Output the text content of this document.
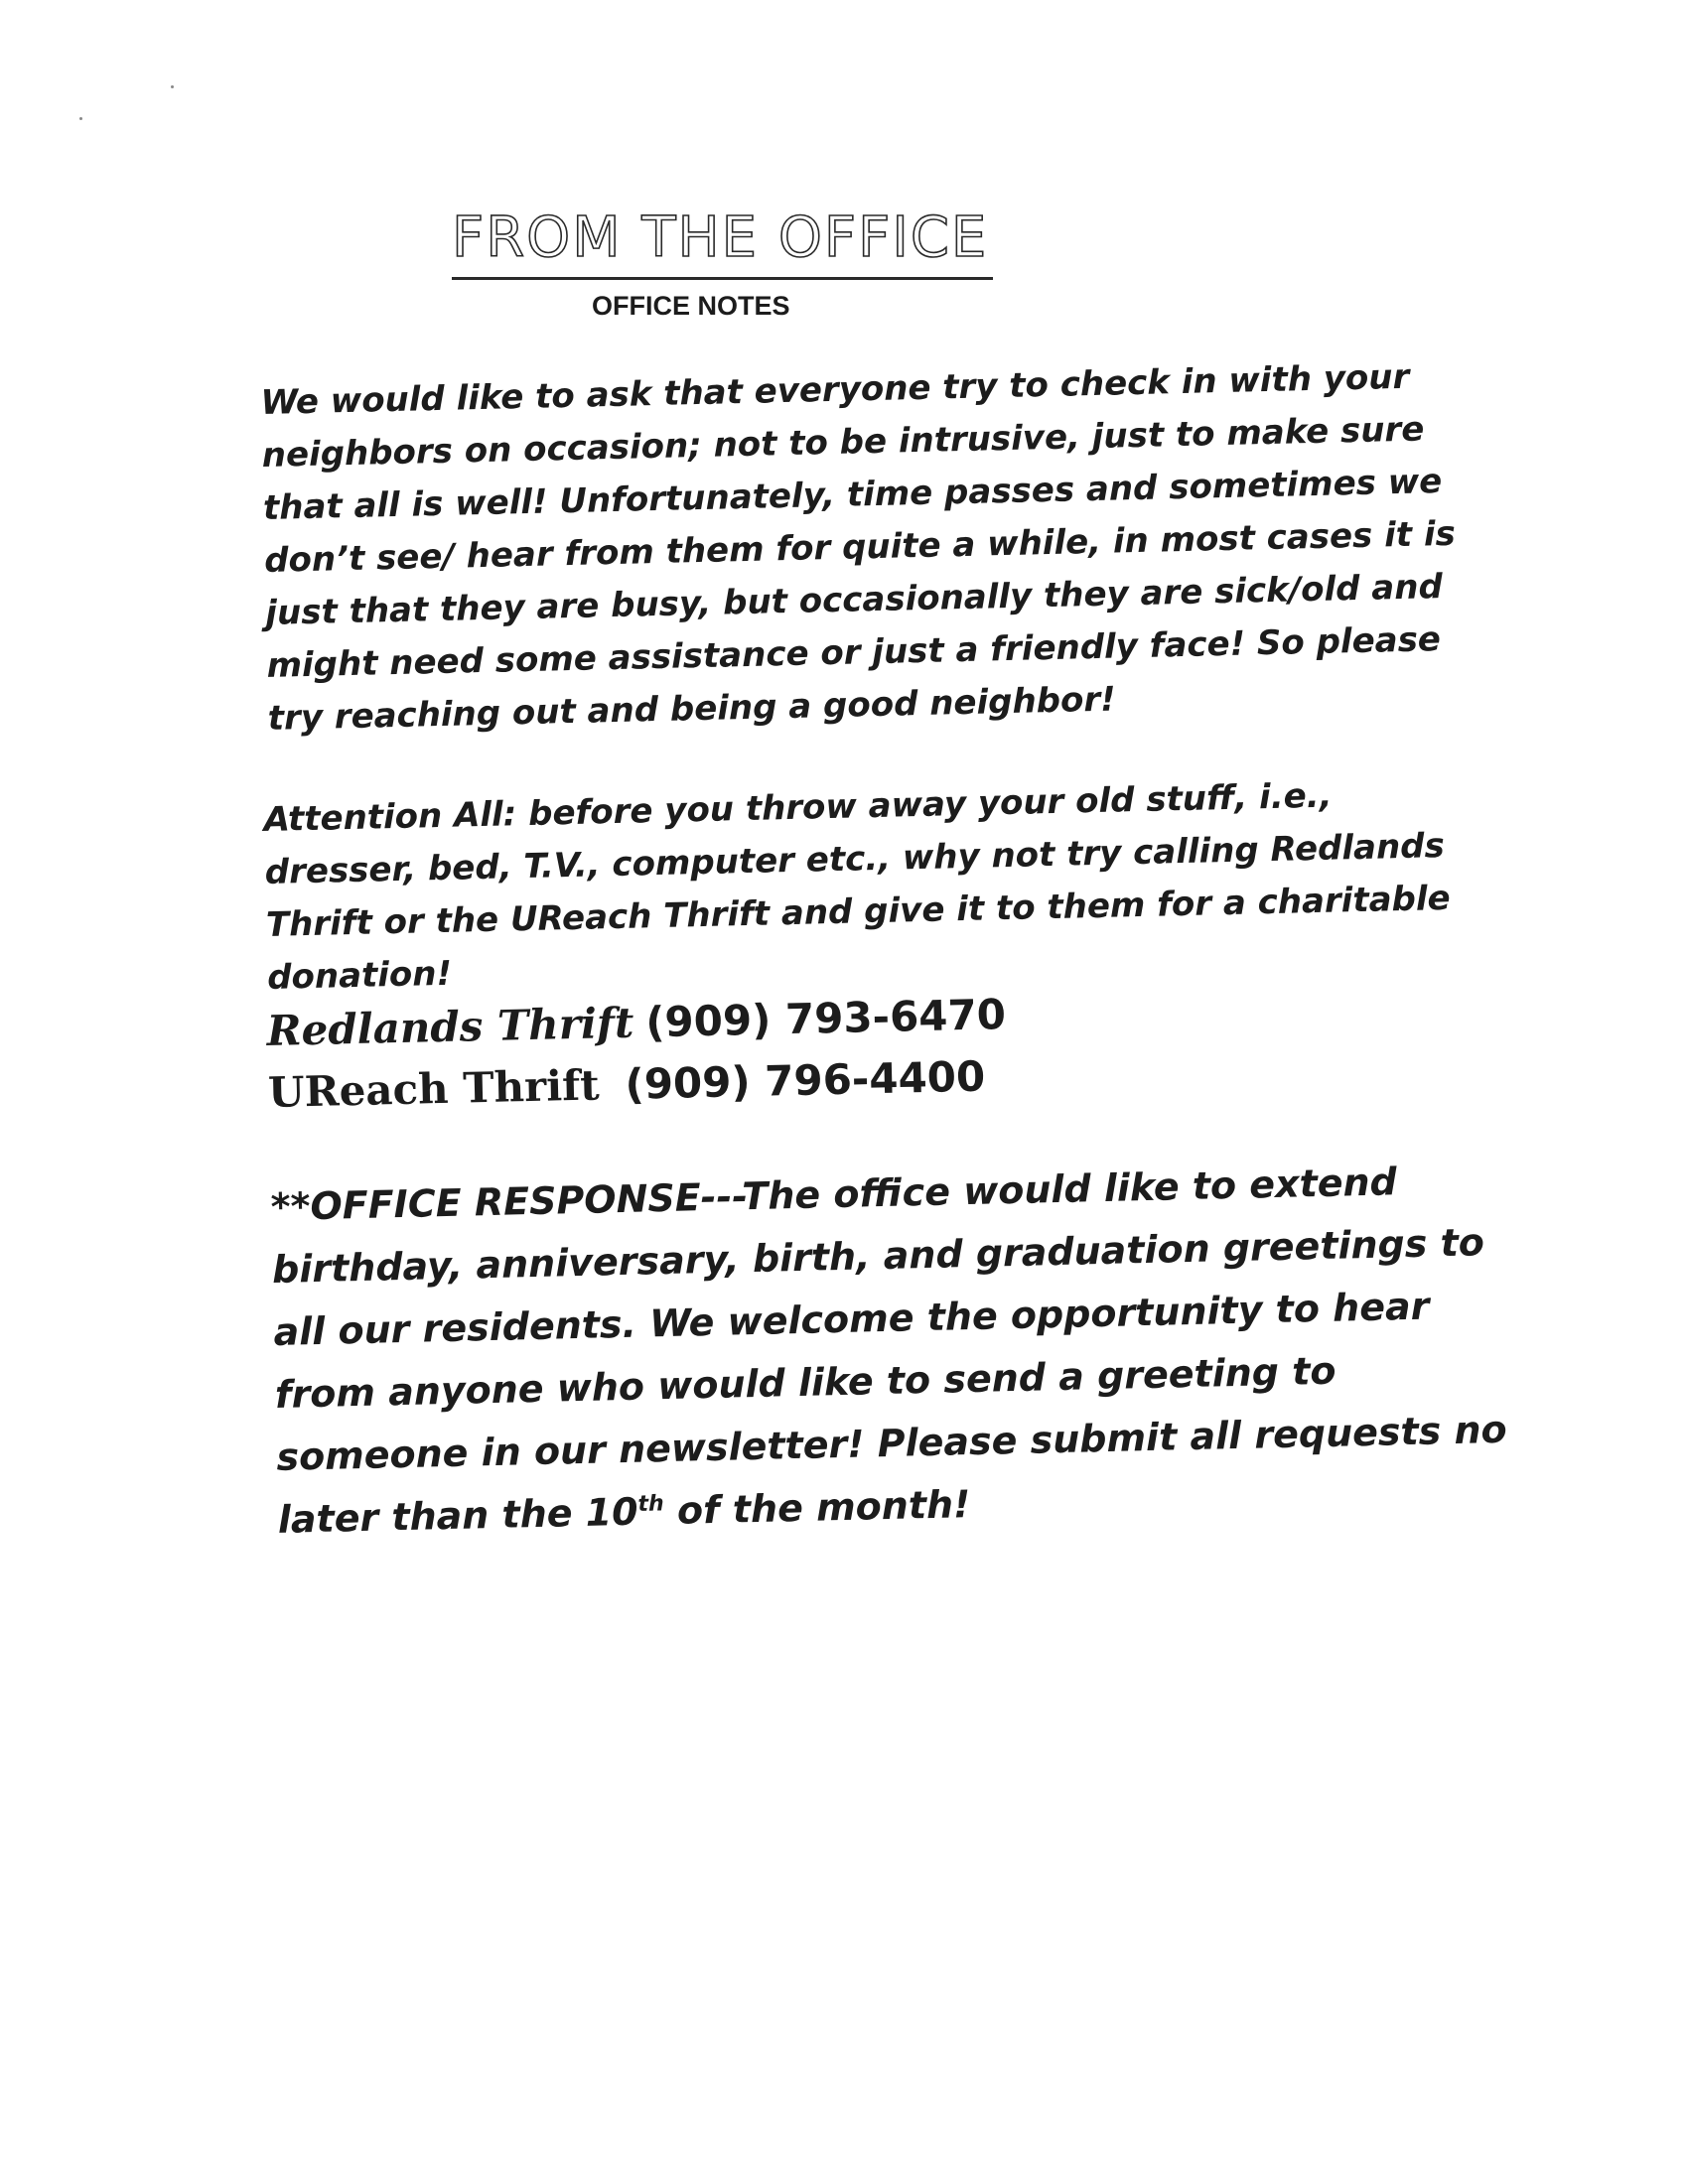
FROM THE OFFICE
OFFICE NOTES

We would like to ask that everyone try to check in with your neighbors on occasion; not to be intrusive, just to make sure that all is well! Unfortunately, time passes and sometimes we don’t see/ hear from them for quite a while, in most cases it is just that they are busy, but occasionally they are sick/old and might need some assistance or just a friendly face! So please try reaching out and being a good neighbor!

Attention All: before you throw away your old stuff, i.e., dresser, bed, T.V., computer etc., why not try calling Redlands Thrift or the UReach Thrift and give it to them for a charitable donation!

Redlands Thrift (909) 793-6470
UReach Thrift (909) 796-4400

**OFFICE RESPONSE---The office would like to extend birthday, anniversary, birth, and graduation greetings to all our residents. We welcome the opportunity to hear from anyone who would like to send a greeting to someone in our newsletter! Please submit all requests no later than the 10th of the month!
